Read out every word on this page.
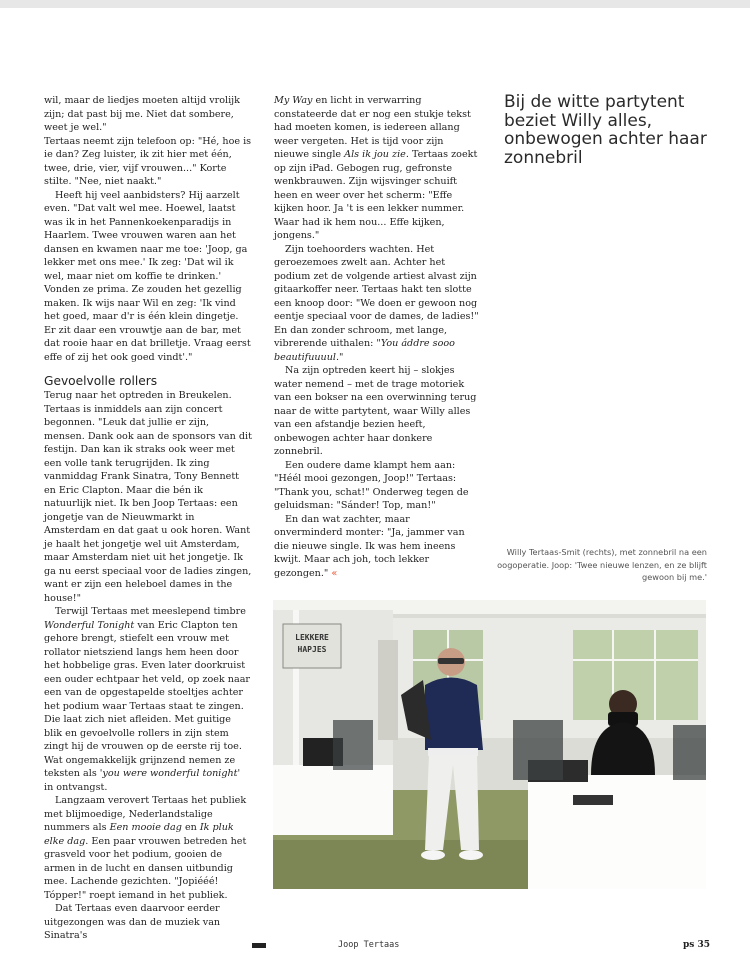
wil, maar de liedjes moeten altijd vrolijk zijn; dat past bij me. Niet dat sombere, weet je wel."

Tertaas neemt zijn telefoon op: "Hé, hoe is ie dan? Zeg luister, ik zit hier met één, twee, drie, vier, vijf vrouwen..." Korte stilte. "Nee, niet naakt."

Heeft hij veel aanbidsters? Hij aarzelt even. "Dat valt wel mee. Hoewel, laatst was ik in het Pannenkoekenparadijs in Haarlem. Twee vrouwen waren aan het dansen en kwamen naar me toe: 'Joop, ga lekker met ons mee.' Ik zeg: 'Dat wil ik wel, maar niet om koffie te drinken.' Vonden ze prima. Ze zouden het gezellig maken. Ik wijs naar Wil en zeg: 'Ik vind het goed, maar d'r is één klein dingetje. Er zit daar een vrouwtje aan de bar, met dat rooie haar en dat brilletje. Vraag eerst effe of zij het ook goed vindt'."

Gevoelvolle rollers

Terug naar het optreden in Breukelen. Tertaas is inmiddels aan zijn concert begonnen. "Leuk dat jullie er zijn, mensen. Dank ook aan de sponsors van dit festijn. Dan kan ik straks ook weer met een volle tank terugrijden. Ik zing vanmiddag Frank Sinatra, Tony Bennett en Eric Clapton. Maar die bén ik natuurlijk niet. Ik ben Joop Tertaas: een jongetje van de Nieuwmarkt in Amsterdam en dat gaat u ook horen. Want je haalt het jongetje wel uit Amsterdam, maar Amsterdam niet uit het jongetje. Ik ga nu eerst speciaal voor de ladies zingen, want er zijn een heleboel dames in the house!"

Terwijl Tertaas met meeslepend timbre Wonderful Tonight van Eric Clapton ten gehore brengt, stiefelt een vrouw met rollator nietsziend langs hem heen door het hobbelige gras. Even later doorkruist een ouder echtpaar het veld, op zoek naar een van de opgestapelde stoeltjes achter het podium waar Tertaas staat te zingen. Die laat zich niet afleiden. Met guitige blik en gevoelvolle rollers in zijn stem zingt hij de vrouwen op de eerste rij toe. Wat ongemakkelijk grijnzend nemen ze teksten als 'you were wonderful tonight' in ontvangst.

Langzaam verovert Tertaas het publiek met blijmoedige, Nederlandstalige nummers als Een mooie dag en Ik pluk elke dag. Een paar vrouwen betreden het grasveld voor het podium, gooien de armen in de lucht en dansen uitbundig mee. Lachende gezichten. "Jopiééé! Tópper!" roept iemand in het publiek.

Dat Tertaas even daarvoor eerder uitgezongen was dan de muziek van Sinatra's

My Way en licht in verwarring constateerde dat er nog een stukje tekst had moeten komen, is iedereen allang weer vergeten. Het is tijd voor zijn nieuwe single Als ik jou zie. Tertaas zoekt op zijn iPad. Gebogen rug, gefronste wenkbrauwen. Zijn wijsvinger schuift heen en weer over het scherm: "Effe kijken hoor. Ja 't is een lekker nummer. Waar had ik hem nou... Effe kijken, jongens."

Zijn toehoorders wachten. Het geroezemoes zwelt aan. Achter het podium zet de volgende artiest alvast zijn gitaarkoffer neer. Tertaas hakt ten slotte een knoop door: "We doen er gewoon nog eentje speciaal voor de dames, de ladies!" En dan zonder schroom, met lange, vibrerende uithalen: "You áddre sooo beautifuuuul."

Na zijn optreden keert hij – slokjes water nemend – met de trage motoriek van een bokser na een overwinning terug naar de witte partytent, waar Willy alles van een afstandje bezien heeft, onbewogen achter haar donkere zonnebril.

Een oudere dame klampt hem aan: "Héél mooi gezongen, Joop!" Tertaas: "Thank you, schat!" Onderweg tegen de geluidsman: "Sánder! Top, man!"

En dan wat zachter, maar onverminderd monter: "Ja, jammer van die nieuwe single. Ik was hem ineens kwijt. Maar ach joh, toch lekker gezongen." «

Bij de witte partytent beziet Willy alles, onbewogen achter haar zonnebril
Willy Tertaas-Smit (rechts), met zonnebril na een oogoperatie. Joop: 'Twee nieuwe lenzen, en ze blijft gewoon bij me.'
LEKKERE
HAPJES
Joop Tertaas	ps 35
